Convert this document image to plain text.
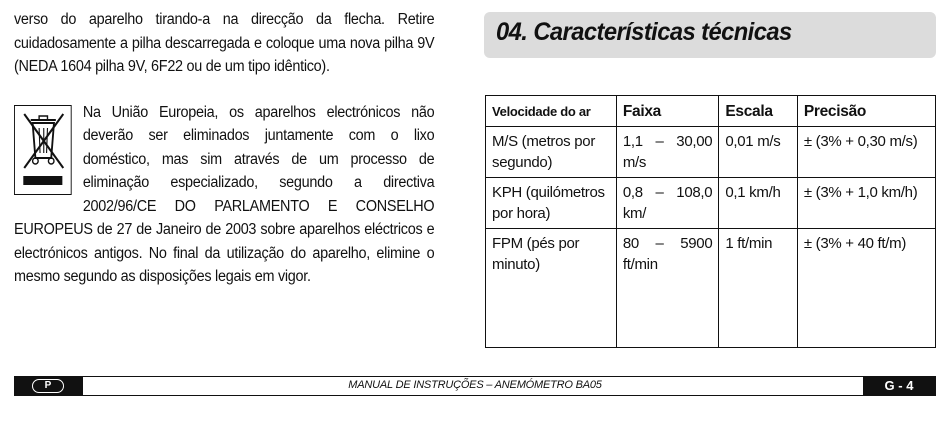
verso do aparelho tirando-a na direcção da flecha. Retire cuidadosamente a pilha descarregada e coloque uma nova pilha 9V (NEDA 1604 pilha 9V, 6F22 ou de um tipo idêntico).

Na União Europeia, os aparelhos electrónicos não deverão ser eliminados juntamente com o lixo doméstico, mas sim através de um processo de eliminação especializado, segundo a directiva 2002/96/CE DO PARLAMENTO E CONSELHO EUROPEUS de 27 de Janeiro de 2003 sobre aparelhos eléctricos e electrónicos antigos. No final da utilização do aparelho, elimine o mesmo segundo as disposições legais em vigor.

04. Características técnicas
Velocidade do ar	Faixa	Escala	Precisão
M/S (metros por segundo)	1,1 – 30,00 m/s	0,01 m/s	± (3% + 0,30 m/s)
KPH (quilómetros por hora)	0,8 – 108,0 km/	0,1 km/h	± (3% + 1,0 km/h)
FPM (pés por minuto)	80 – 5900 ft/min	1 ft/min	± (3% + 40 ft/m)
P	MANUAL DE INSTRUÇÕES – ANEMÓMETRO BA05	G - 4
